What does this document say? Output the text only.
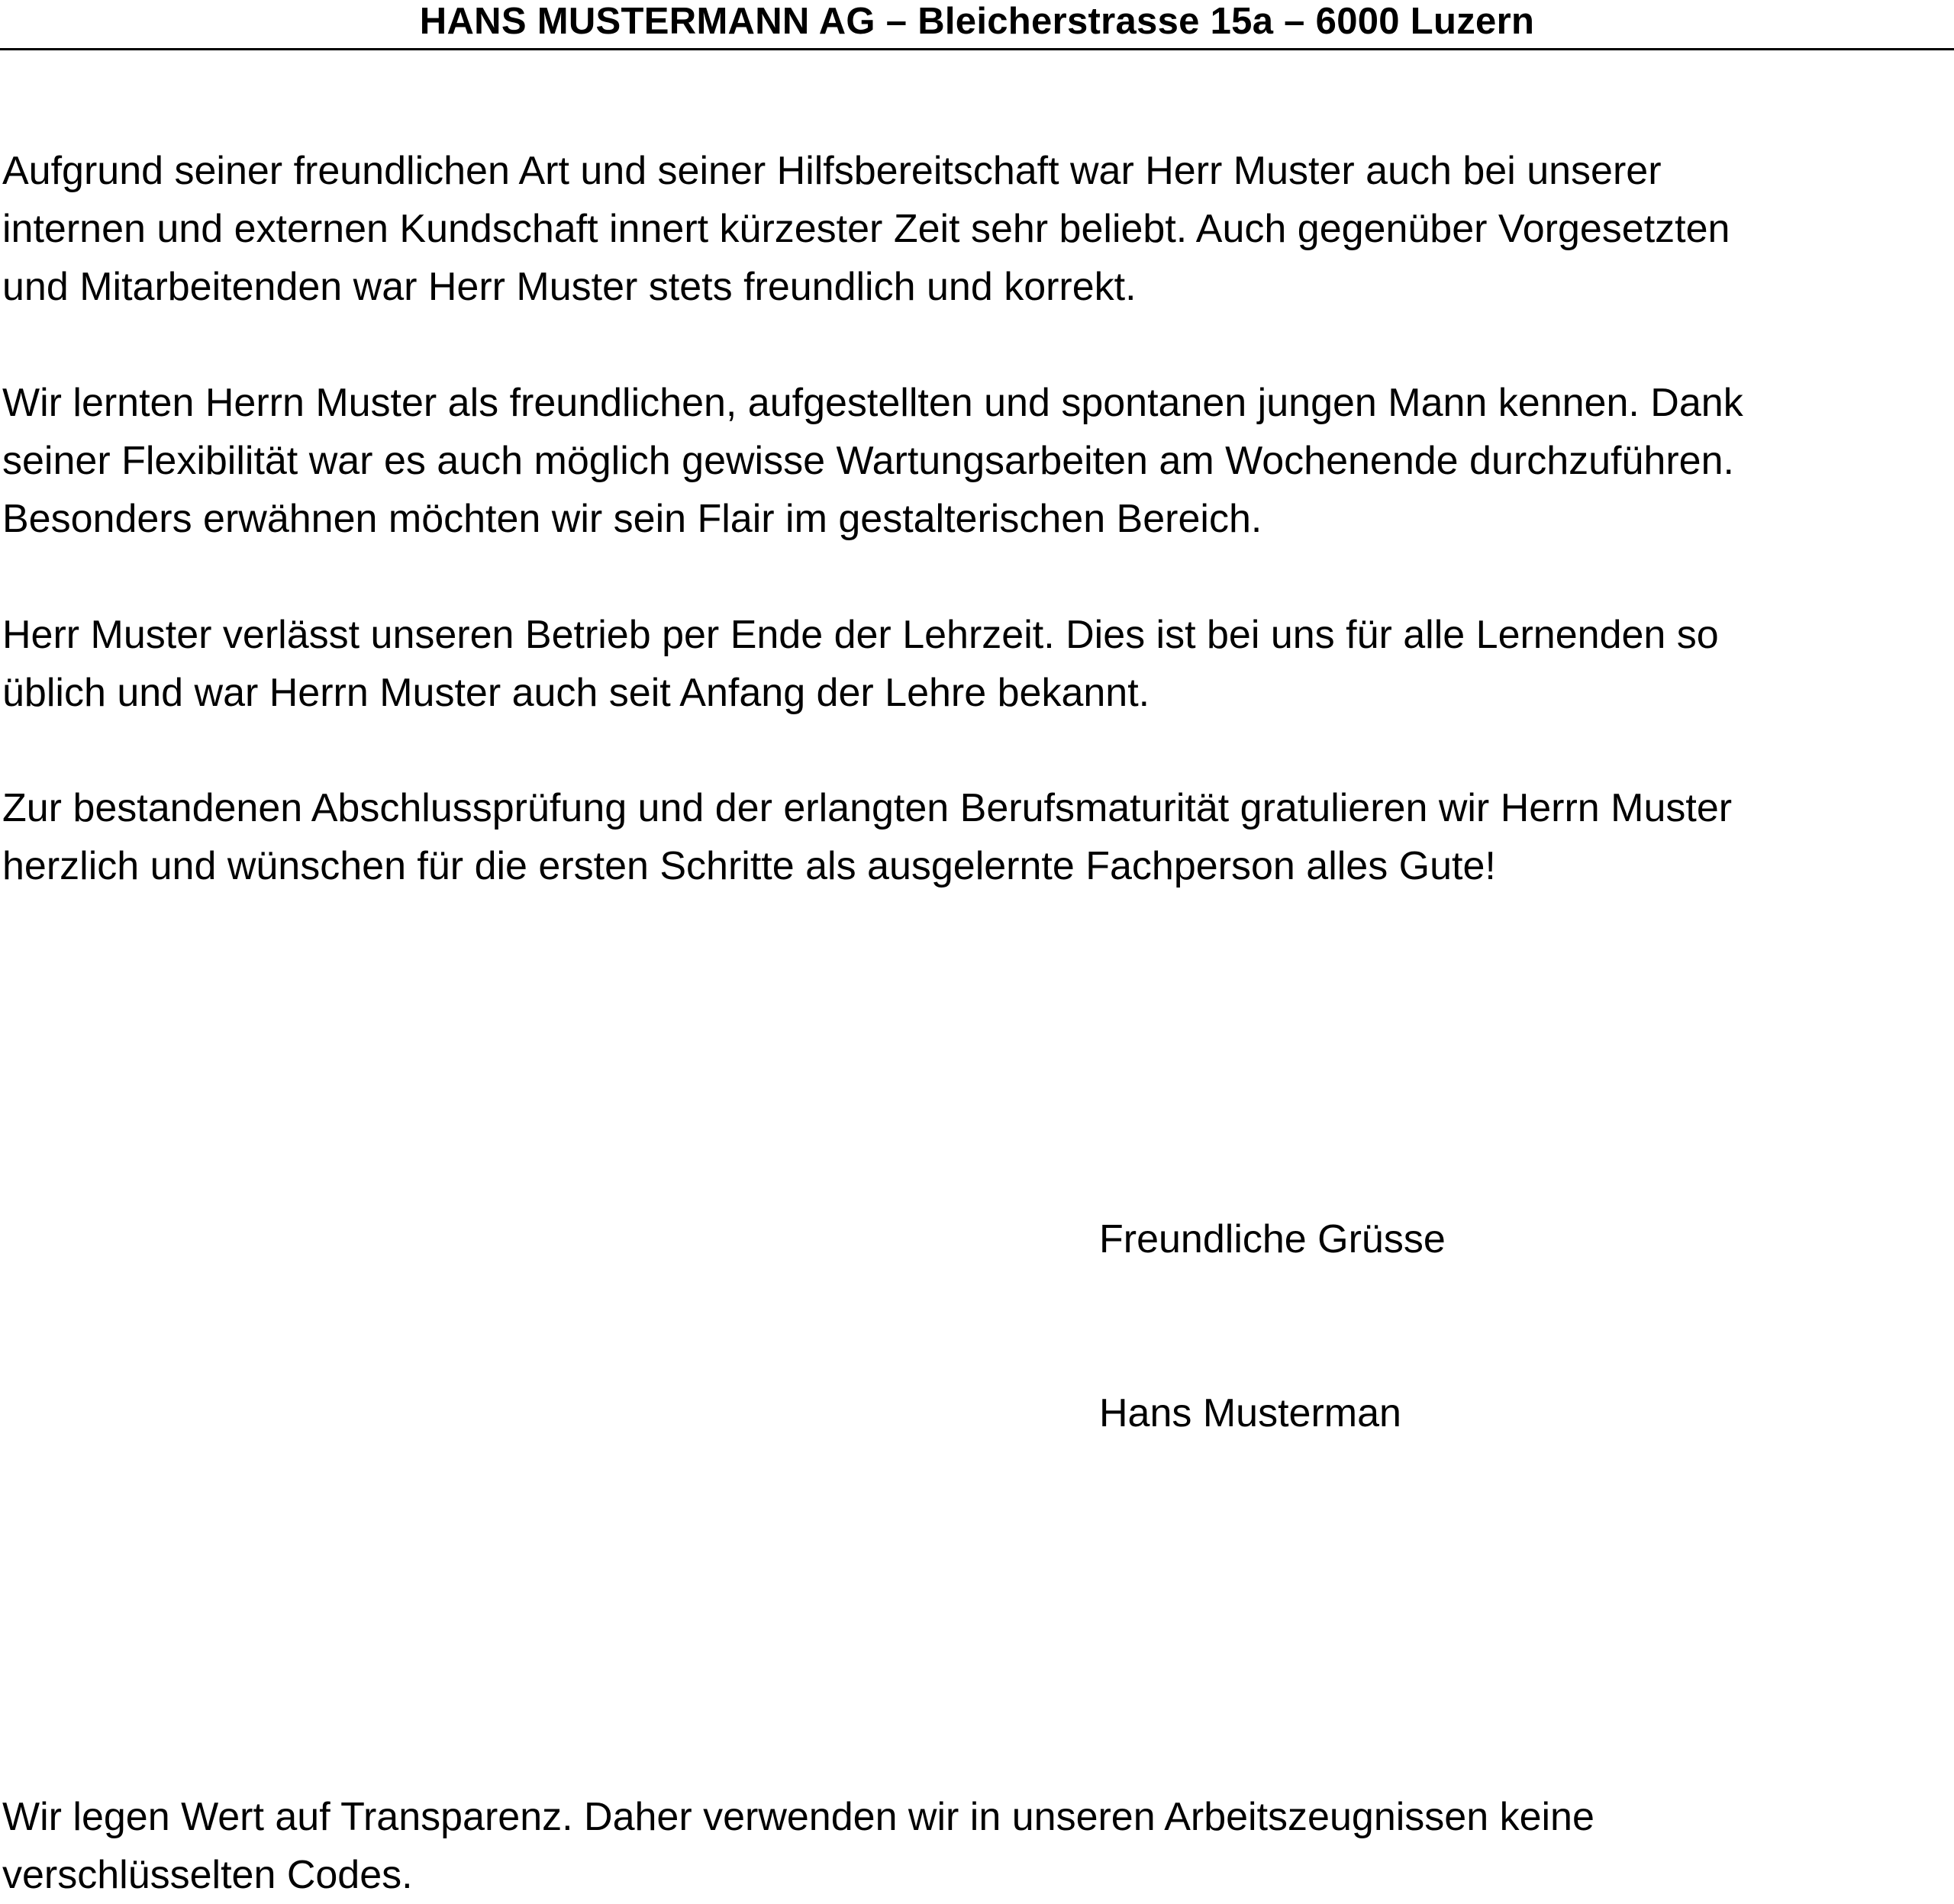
HANS MUSTERMANN AG – Bleicherstrasse 15a – 6000 Luzern

Aufgrund seiner freundlichen Art und seiner Hilfsbereitschaft war Herr Muster auch bei unserer
internen und externen Kundschaft innert kürzester Zeit sehr beliebt. Auch gegenüber Vorgesetzten
und Mitarbeitenden war Herr Muster stets freundlich und korrekt.

Wir lernten Herrn Muster als freundlichen, aufgestellten und spontanen jungen Mann kennen. Dank
seiner Flexibilität war es auch möglich gewisse Wartungsarbeiten am Wochenende durchzuführen.
Besonders erwähnen möchten wir sein Flair im gestalterischen Bereich.

Herr Muster verlässt unseren Betrieb per Ende der Lehrzeit. Dies ist bei uns für alle Lernenden so
üblich und war Herrn Muster auch seit Anfang der Lehre bekannt.

Zur bestandenen Abschlussprüfung und der erlangten Berufsmaturität gratulieren wir Herrn Muster
herzlich und wünschen für die ersten Schritte als ausgelernte Fachperson alles Gute!

Freundliche Grüsse
Hans Musterman

Wir legen Wert auf Transparenz. Daher verwenden wir in unseren Arbeitszeugnissen keine
verschlüsselten Codes.
